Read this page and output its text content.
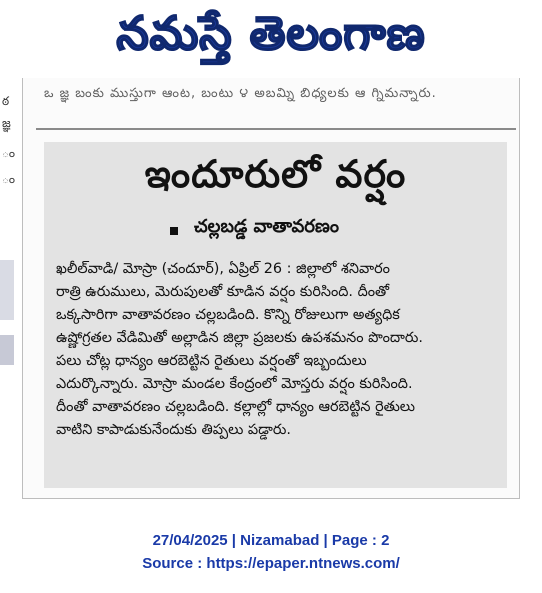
నమస్తే తెలంగాణ
ఠ
జ్ఞ
ం
ం
ఒ జ్ఞ బంకు ముస్తుగా ఆంట, బంటు ౪ అబమ్ని బిధ్యలకు ఆ గ్నిమన్నారు.
ఇందూరులో వర్షం
చల్లబడ్డ వాతావరణం
ఖలీల్‌వాడి/ మోస్రా (చందూర్), ఏప్రిల్ 26 : జిల్లాలో శనివారం
రాత్రి ఉరుములు, మెరుపులతో కూడిన వర్షం కురిసింది. దీంతో
ఒక్కసారిగా వాతావరణం చల్లబడింది. కొన్ని రోజులుగా అత్యధిక
ఉష్ణోగ్రతల వేడిమితో అల్లాడిన జిల్లా ప్రజలకు ఉపశమనం పొందారు.
పలు చోట్ల ధాన్యం ఆరబెట్టిన రైతులు వర్షంతో ఇబ్బందులు
ఎదుర్కొన్నారు. మోస్రా మండల కేంద్రంలో మోస్తరు వర్షం కురిసింది.
దీంతో వాతావరణం చల్లబడింది. కల్లాల్లో ధాన్యం ఆరబెట్టిన రైతులు
వాటిని కాపాడుకునేందుకు తిప్పలు పడ్డారు.
27/04/2025 | Nizamabad | Page : 2
Source : https://epaper.ntnews.com/
